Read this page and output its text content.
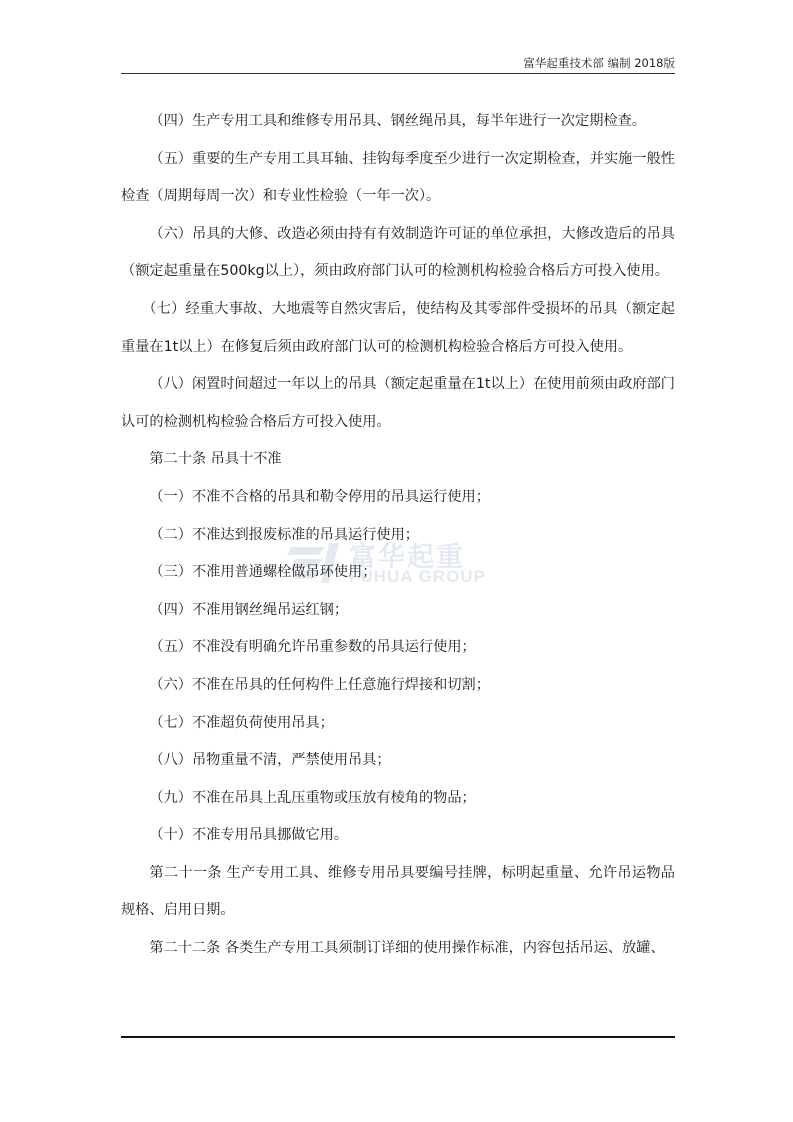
富华起重技术部 编制 2018版
富华起重
FUHUA GROUP

（四）生产专用工具和维修专用吊具、钢丝绳吊具，每半年进行一次定期检查。

（五）重要的生产专用工具耳轴、挂钩每季度至少进行一次定期检查，并实施一般性检查（周期每周一次）和专业性检验（一年一次）。

（六）吊具的大修、改造必须由持有有效制造许可证的单位承担，大修改造后的吊具（额定起重量在500kg以上），须由政府部门认可的检测机构检验合格后方可投入使用。

（七）经重大事故、大地震等自然灾害后，使结构及其零部件受损坏的吊具（额定起重量在1t以上）在修复后须由政府部门认可的检测机构检验合格后方可投入使用。

（八）闲置时间超过一年以上的吊具（额定起重量在1t以上）在使用前须由政府部门认可的检测机构检验合格后方可投入使用。

第二十条 吊具十不准

（一）不准不合格的吊具和勒令停用的吊具运行使用；

（二）不准达到报废标准的吊具运行使用；

（三）不准用普通螺栓做吊环使用；

（四）不准用钢丝绳吊运红钢；

（五）不准没有明确允许吊重参数的吊具运行使用；

（六）不准在吊具的任何构件上任意施行焊接和切割；

（七）不准超负荷使用吊具；

（八）吊物重量不清，严禁使用吊具；

（九）不准在吊具上乱压重物或压放有棱角的物品；

（十）不准专用吊具挪做它用。

第二十一条 生产专用工具、维修专用吊具要编号挂牌，标明起重量、允许吊运物品规格、启用日期。

第二十二条 各类生产专用工具须制订详细的使用操作标准，内容包括吊运、放罐、
